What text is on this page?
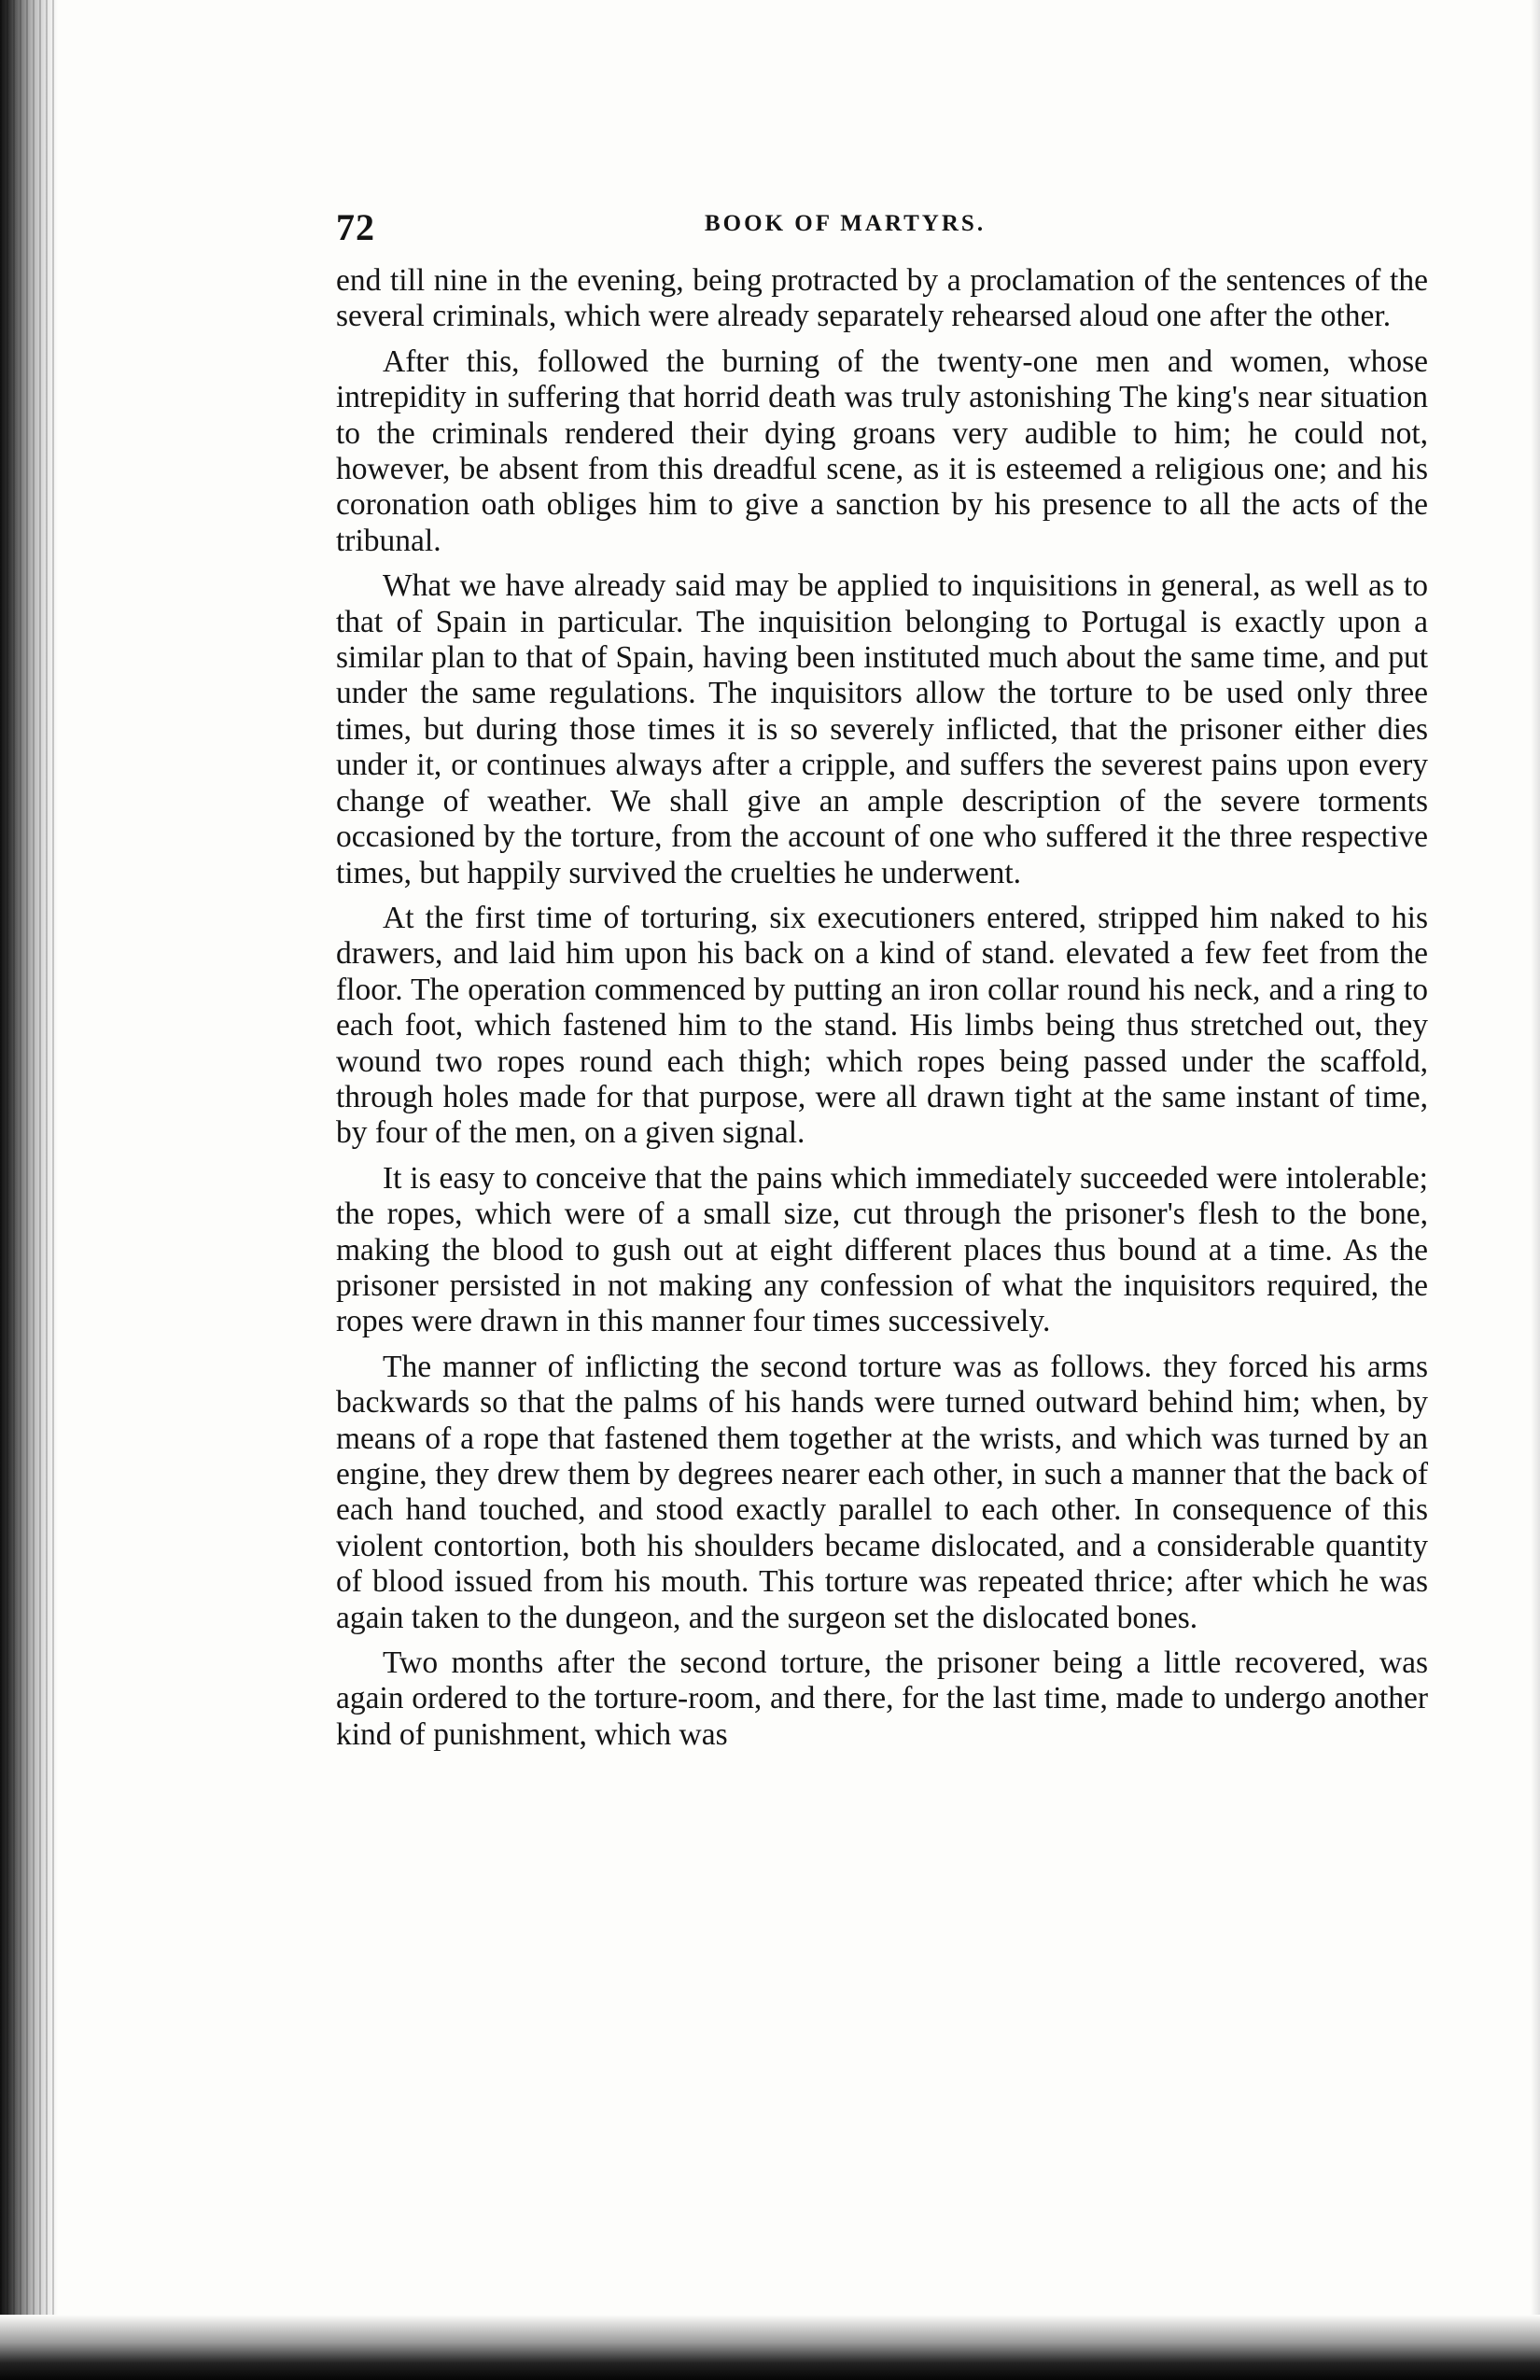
72	BOOK OF MARTYRS.

end till nine in the evening, being protracted by a proclamation of the sentences of the several criminals, which were already separately rehearsed aloud one after the other.

After this, followed the burning of the twenty-one men and women, whose intrepidity in suffering that horrid death was truly astonishing The king's near situation to the criminals rendered their dying groans very audible to him; he could not, however, be absent from this dreadful scene, as it is esteemed a religious one; and his coronation oath obliges him to give a sanction by his presence to all the acts of the tribunal.

What we have already said may be applied to inquisitions in general, as well as to that of Spain in particular. The inquisition belonging to Portugal is exactly upon a similar plan to that of Spain, having been instituted much about the same time, and put under the same regulations. The inquisitors allow the torture to be used only three times, but during those times it is so severely inflicted, that the prisoner either dies under it, or continues always after a cripple, and suffers the severest pains upon every change of weather. We shall give an ample description of the severe torments occasioned by the torture, from the account of one who suffered it the three respective times, but happily survived the cruelties he underwent.

At the first time of torturing, six executioners entered, stripped him naked to his drawers, and laid him upon his back on a kind of stand. elevated a few feet from the floor. The operation commenced by putting an iron collar round his neck, and a ring to each foot, which fastened him to the stand. His limbs being thus stretched out, they wound two ropes round each thigh; which ropes being passed under the scaffold, through holes made for that purpose, were all drawn tight at the same instant of time, by four of the men, on a given signal.

It is easy to conceive that the pains which immediately succeeded were intolerable; the ropes, which were of a small size, cut through the prisoner's flesh to the bone, making the blood to gush out at eight different places thus bound at a time. As the prisoner persisted in not making any confession of what the inquisitors required, the ropes were drawn in this manner four times successively.

The manner of inflicting the second torture was as follows. they forced his arms backwards so that the palms of his hands were turned outward behind him; when, by means of a rope that fastened them together at the wrists, and which was turned by an engine, they drew them by degrees nearer each other, in such a manner that the back of each hand touched, and stood exactly parallel to each other. In consequence of this violent contortion, both his shoulders became dislocated, and a considerable quantity of blood issued from his mouth. This torture was repeated thrice; after which he was again taken to the dungeon, and the surgeon set the dislocated bones.

Two months after the second torture, the prisoner being a little recovered, was again ordered to the torture-room, and there, for the last time, made to undergo another kind of punishment, which was
